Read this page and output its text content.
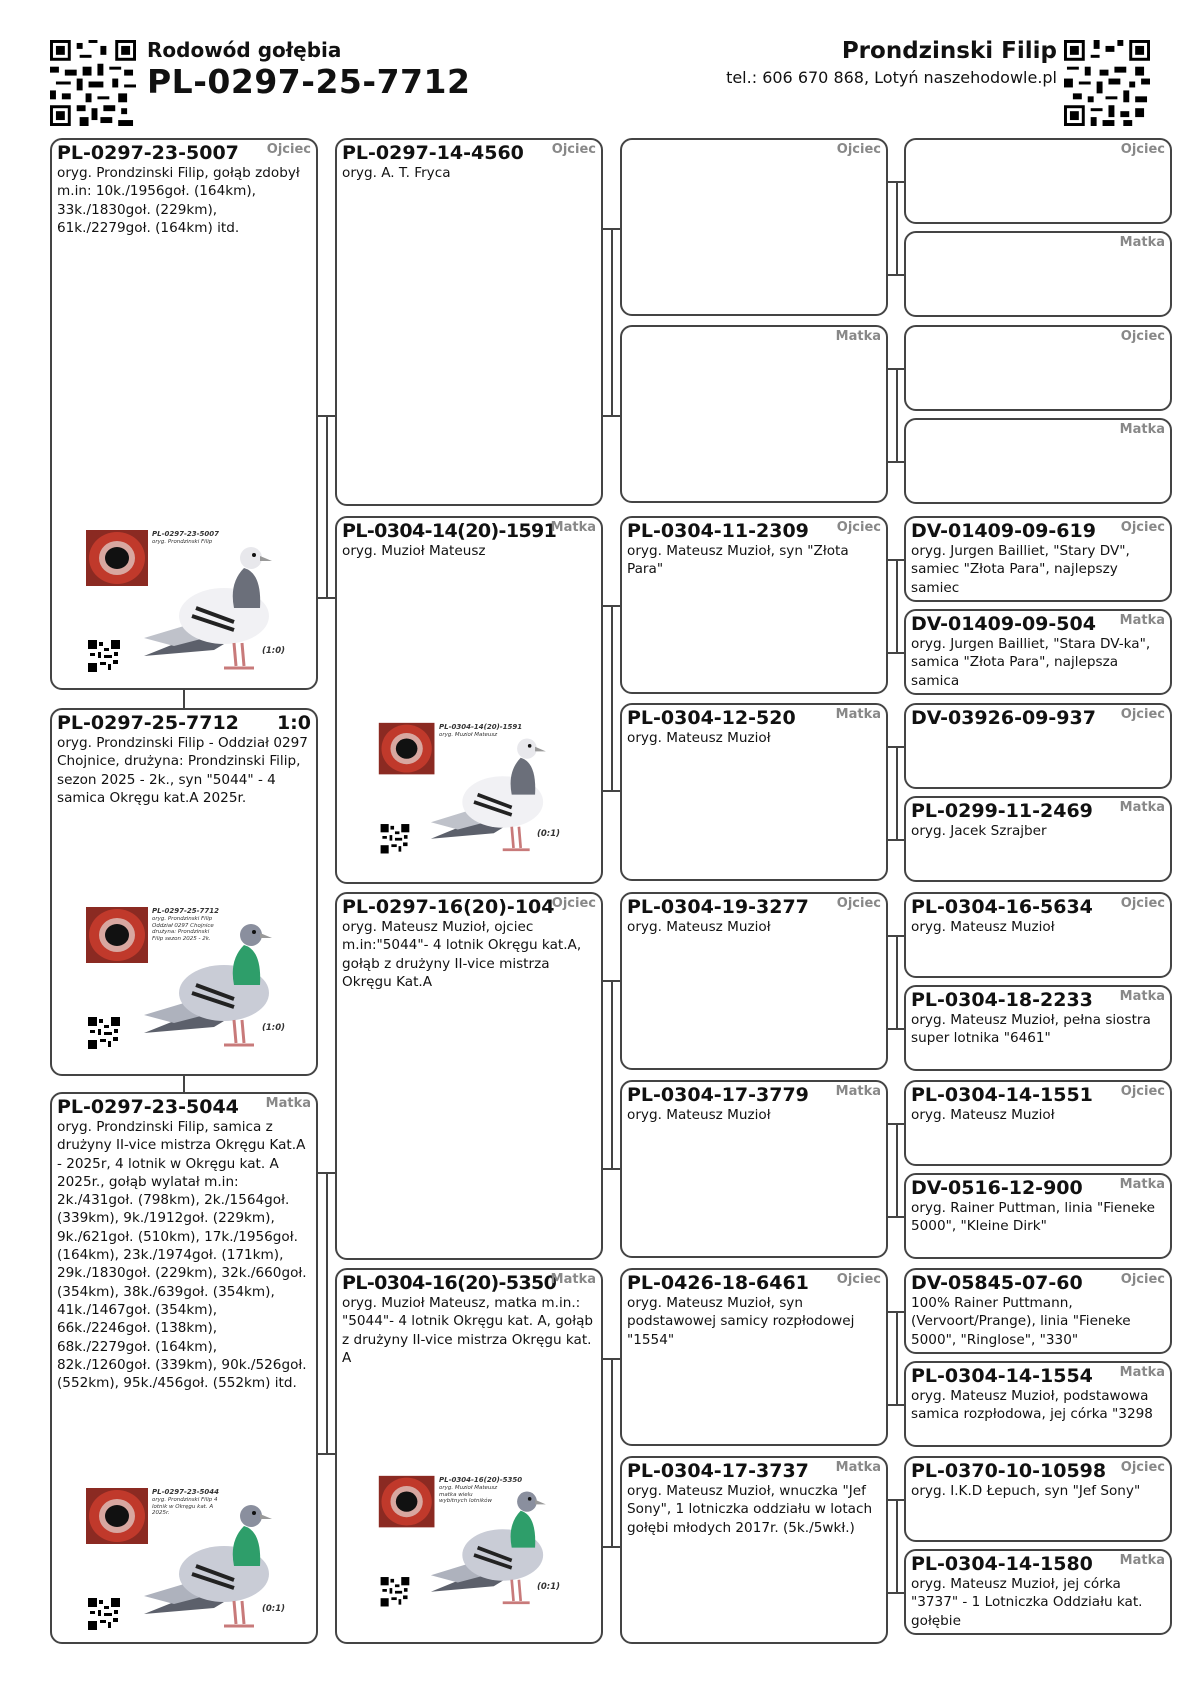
Rodowód gołębia
PL-0297-25-7712
Prondzinski Filip
tel.: 606 670 868, Lotyń naszehodowle.pl
PL-0297-23-5007 Ojciec
oryg. Prondzinski Filip, gołąb zdobył m.in: 10k./1956goł. (164km), 33k./1830goł. (229km), 61k./2279goł. (164km) itd.
PL-0297-23-5007
oryg. Prondzinski Filip
(1:0)
PL-0297-25-7712 1:0
oryg. Prondzinski Filip - Oddział 0297 Chojnice, drużyna: Prondzinski Filip, sezon 2025 - 2k., syn "5044" - 4 samica Okręgu kat.A 2025r.
PL-0297-25-7712
oryg. Prondzinski Filip Oddział 0297 Chojnice drużyna: Prondzinski Filip sezon 2025 - 2k.
(1:0)
PL-0297-23-5044 Matka
oryg. Prondzinski Filip, samica z drużyny II-vice mistrza Okręgu Kat.A - 2025r, 4 lotnik w Okręgu kat. A 2025r., gołąb wylatał m.in: 2k./431goł. (798km), 2k./1564goł. (339km), 9k./1912goł. (229km), 9k./621goł. (510km), 17k./1956goł. (164km), 23k./1974goł. (171km), 29k./1830goł. (229km), 32k./660goł. (354km), 38k./639goł. (354km), 41k./1467goł. (354km), 66k./2246goł. (138km), 68k./2279goł. (164km), 82k./1260goł. (339km), 90k./526goł. (552km), 95k./456goł. (552km) itd.
PL-0297-23-5044
oryg. Prondzinski Filip 4 lotnik w Okręgu kat. A 2025r.
(0:1)
PL-0297-14-4560 Ojciec
oryg. A. T. Fryca
PL-0304-14(20)-1591
Matka
oryg. Muzioł Mateusz
PL-0304-14(20)-1591
oryg. Muzioł Mateusz
(0:1)
PL-0297-16(20)-104
Ojciec
oryg. Mateusz Muzioł, ojciec m.in:"5044"- 4 lotnik Okręgu kat.A, gołąb z drużyny II-vice mistrza Okręgu Kat.A
PL-0304-16(20)-5350
Matka
oryg. Muzioł Mateusz, matka m.in.: "5044"- 4 lotnik Okręgu kat. A, gołąb z drużyny II-vice mistrza Okręgu kat. A
PL-0304-16(20)-5350
oryg. Muzioł Mateusz matka wielu wybitnych lotników
(0:1)
Ojciec
Matka
PL-0304-11-2309 Ojciec
oryg. Mateusz Muzioł, syn "Złota Para"
PL-0304-12-520	Matka
oryg. Mateusz Muzioł
PL-0304-19-3277 Ojciec
oryg. Mateusz Muzioł
PL-0304-17-3779 Matka
oryg. Mateusz Muzioł
PL-0426-18-6461 Ojciec
oryg. Mateusz Muzioł, syn podstawowej samicy rozpłodowej "1554"
PL-0304-17-3737 Matka
oryg. Mateusz Muzioł, wnuczka "Jef Sony", 1 lotniczka oddziału w lotach gołębi młodych 2017r. (5k./5wkł.)
Ojciec
Matka
Ojciec
Matka
DV-01409-09-619 Ojciec
oryg. Jurgen Bailliet, "Stary DV", samiec "Złota Para", najlepszy samiec
DV-01409-09-504 Matka
oryg. Jurgen Bailliet, "Stara DV-ka", samica "Złota Para", najlepsza samica
DV-03926-09-937 Ojciec
PL-0299-11-2469 Matka
oryg. Jacek Szrajber
PL-0304-16-5634 Ojciec
oryg. Mateusz Muzioł
PL-0304-18-2233 Matka
oryg. Mateusz Muzioł, pełna siostra super lotnika "6461"
PL-0304-14-1551 Ojciec
oryg. Mateusz Muzioł
DV-0516-12-900	Matka
oryg. Rainer Puttman, linia "Fieneke 5000", "Kleine Dirk"
DV-05845-07-60	Ojciec
100% Rainer Puttmann, (Vervoort/Prange), linia "Fieneke 5000", "Ringlose", "330"
PL-0304-14-1554 Matka
oryg. Mateusz Muzioł, podstawowa samica rozpłodowa, jej córka "3298
PL-0370-10-10598 Ojciec
oryg. I.K.D Łepuch, syn "Jef Sony"
PL-0304-14-1580 Matka
oryg. Mateusz Muzioł, jej córka "3737" - 1 Lotniczka Oddziału kat. gołębie
